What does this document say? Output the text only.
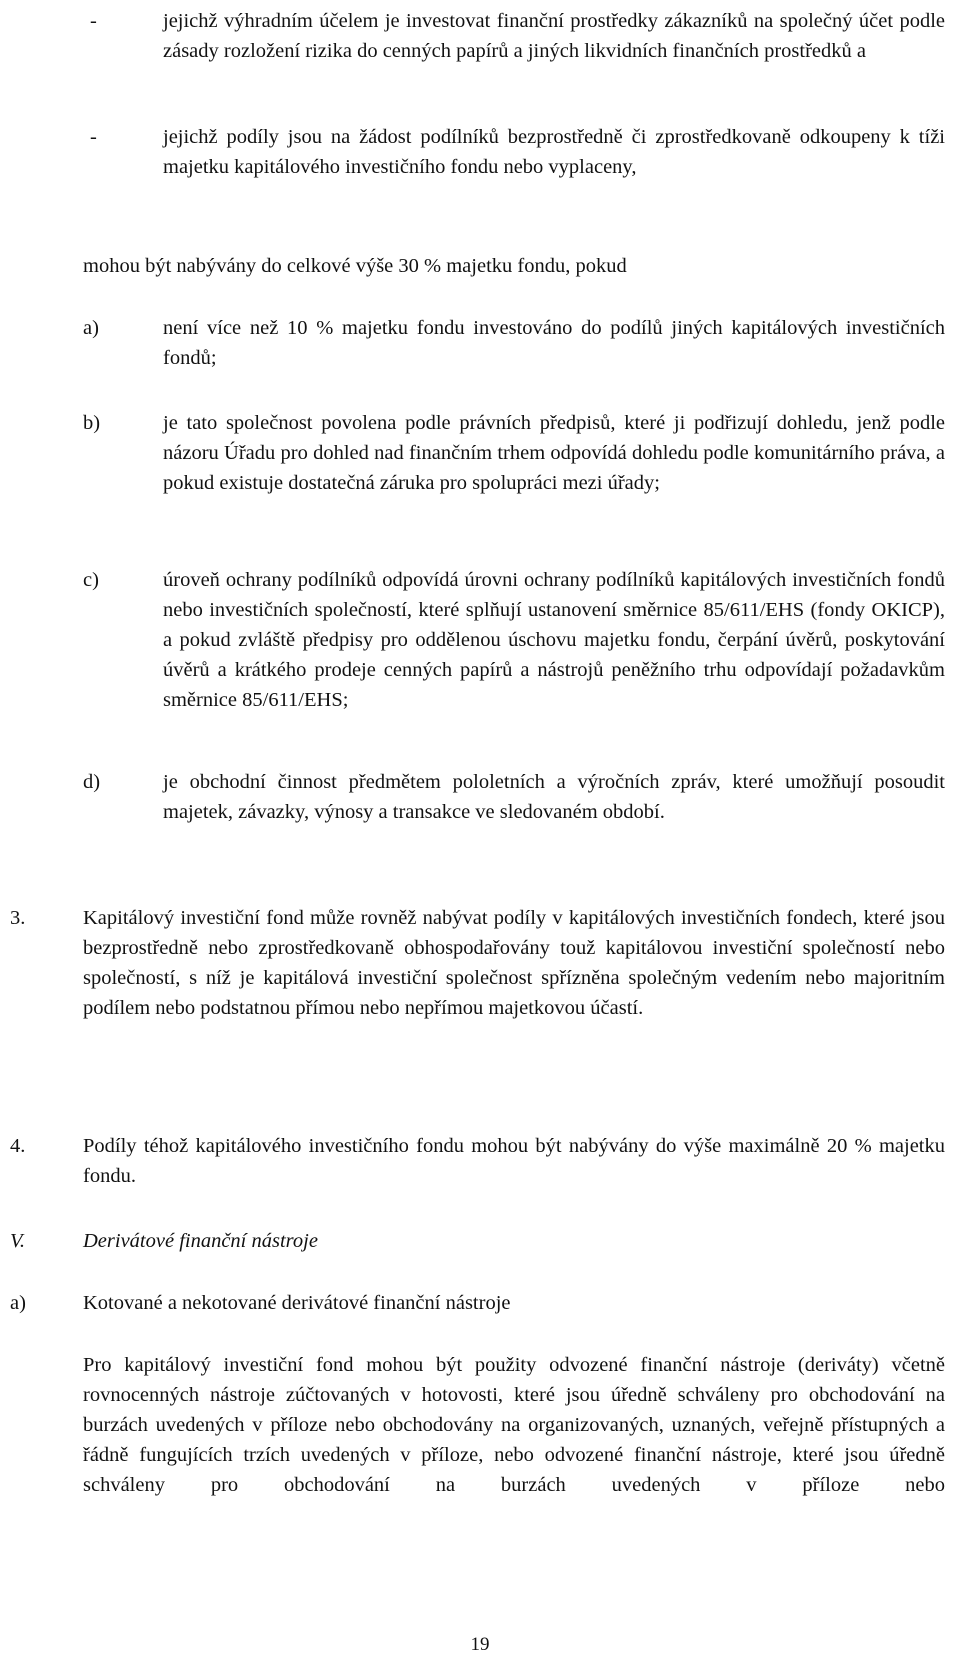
-	jejichž výhradním účelem je investovat finanční prostředky zákazníků na společný účet podle zásady rozložení rizika do cenných papírů a jiných likvidních finančních prostředků a
-	jejichž podíly jsou na žádost podílníků bezprostředně či zprostředkovaně odkoupeny k tíži majetku kapitálového investičního fondu nebo vyplaceny,
mohou být nabývány do celkové výše 30 % majetku fondu, pokud
a)	není více než 10 % majetku fondu investováno do podílů jiných kapitálových investičních fondů;
b)	je tato společnost povolena podle právních předpisů, které ji podřizují dohledu, jenž podle názoru Úřadu pro dohled nad finančním trhem odpovídá dohledu podle komunitárního práva, a pokud existuje dostatečná záruka pro spolupráci mezi úřady;
c)	úroveň ochrany podílníků odpovídá úrovni ochrany podílníků kapitálových investičních fondů nebo investičních společností, které splňují ustanovení směrnice 85/611/EHS (fondy OKICP), a pokud zvláště předpisy pro oddělenou úschovu majetku fondu, čerpání úvěrů, poskytování úvěrů a krátkého prodeje cenných papírů a nástrojů peněžního trhu odpovídají požadavkům směrnice 85/611/EHS;
d)	je obchodní činnost předmětem pololetních a výročních zpráv, které umožňují posoudit majetek, závazky, výnosy a transakce ve sledovaném období.
3.	Kapitálový investiční fond může rovněž nabývat podíly v kapitálových investičních fondech, které jsou bezprostředně nebo zprostředkovaně obhospodařovány touž kapitálovou investiční společností nebo společností, s níž je kapitálová investiční společnost spřízněna společným vedením nebo majoritním podílem nebo podstatnou přímou nebo nepřímou majetkovou účastí.
4.	Podíly téhož kapitálového investičního fondu mohou být nabývány do výše maximálně 20 % majetku fondu.
V.	Derivátové finanční nástroje
a)	Kotované a nekotované derivátové finanční nástroje
Pro kapitálový investiční fond mohou být použity odvozené finanční nástroje (deriváty) včetně rovnocenných nástroje zúčtovaných v hotovosti, které jsou úředně schváleny pro obchodování na burzách uvedených v příloze nebo obchodovány na organizovaných, uznaných, veřejně přístupných a řádně fungujících trzích uvedených v příloze, nebo odvozené finanční nástroje, které jsou úředně schváleny pro obchodování na burzách uvedených v příloze nebo
19
